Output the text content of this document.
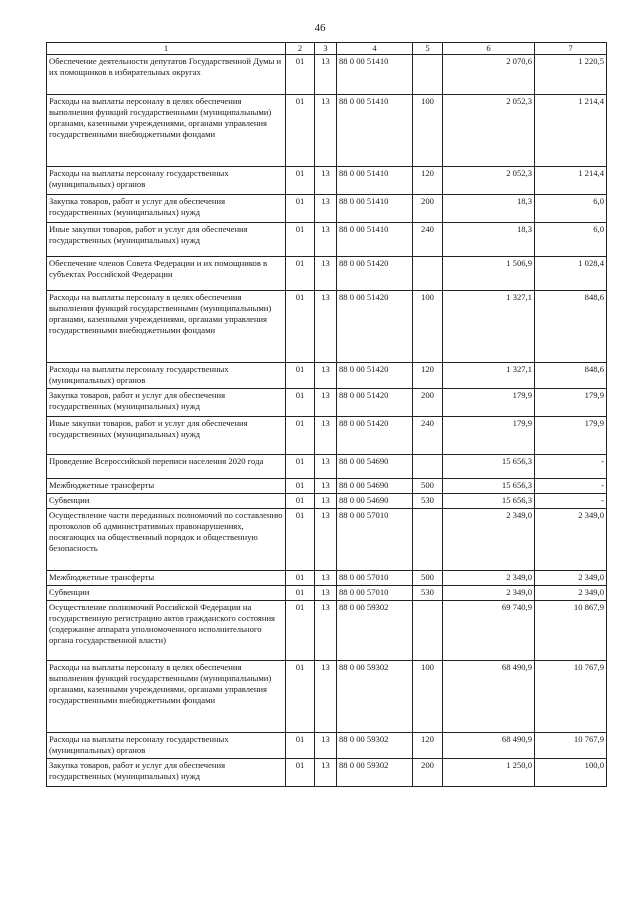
46
1	2	3	4	5	6	7
Обеспечение деятельности депутатов Государственной Думы и их помощников в избирательных округах	01	13	88 0 00 51410		2 070,6	1 220,5
Расходы на выплаты персоналу в целях обеспечения выполнения функций государственными (муниципальными) органами, казенными учреждениями, органами управления государственными внебюджетными фондами	01	13	88 0 00 51410	100	2 052,3	1 214,4
Расходы на выплаты персоналу государственных (муниципальных) органов	01	13	88 0 00 51410	120	2 052,3	1 214,4
Закупка товаров, работ и услуг для обеспечения государственных (муниципальных) нужд	01	13	88 0 00 51410	200	18,3	6,0
Иные закупки товаров, работ и услуг для обеспечения государственных (муниципальных) нужд	01	13	88 0 00 51410	240	18,3	6,0
Обеспечение членов Совета Федерации и их помощников в субъектах Российской Федерации	01	13	88 0 00 51420		1 506,9	1 028,4
Расходы на выплаты персоналу в целях обеспечения выполнения функций государственными (муниципальными) органами, казенными учреждениями, органами управления государственными внебюджетными фондами	01	13	88 0 00 51420	100	1 327,1	848,6
Расходы на выплаты персоналу государственных (муниципальных) органов	01	13	88 0 00 51420	120	1 327,1	848,6
Закупка товаров, работ и услуг для обеспечения государственных (муниципальных) нужд	01	13	88 0 00 51420	200	179,9	179,9
Иные закупки товаров, работ и услуг для обеспечения государственных (муниципальных) нужд	01	13	88 0 00 51420	240	179,9	179,9
Проведение Всероссийской переписи населения 2020 года	01	13	88 0 00 54690		15 656,3	-
Межбюджетные трансферты	01	13	88 0 00 54690	500	15 656,3	-
Субвенции	01	13	88 0 00 54690	530	15 656,3	-
Осуществление части переданных полномочий по составлению протоколов об административных правонарушениях, посягающих на общественный порядок и общественную безопасность	01	13	88 0 00 57010		2 349,0	2 349,0
Межбюджетные трансферты	01	13	88 0 00 57010	500	2 349,0	2 349,0
Субвенции	01	13	88 0 00 57010	530	2 349,0	2 349,0
Осуществление полномочий Российской Федерации на государственную регистрацию актов гражданского состояния (содержание аппарата уполномоченного исполнительного органа государственной власти)	01	13	88 0 00 59302		69 740,9	10 867,9
Расходы на выплаты персоналу в целях обеспечения выполнения функций государственными (муниципальными) органами, казенными учреждениями, органами управления государственными внебюджетными фондами	01	13	88 0 00 59302	100	68 490,9	10 767,9
Расходы на выплаты персоналу государственных (муниципальных) органов	01	13	88 0 00 59302	120	68 490,9	10 767,9
Закупка товаров, работ и услуг для обеспечения государственных (муниципальных) нужд	01	13	88 0 00 59302	200	1 250,0	100,0
